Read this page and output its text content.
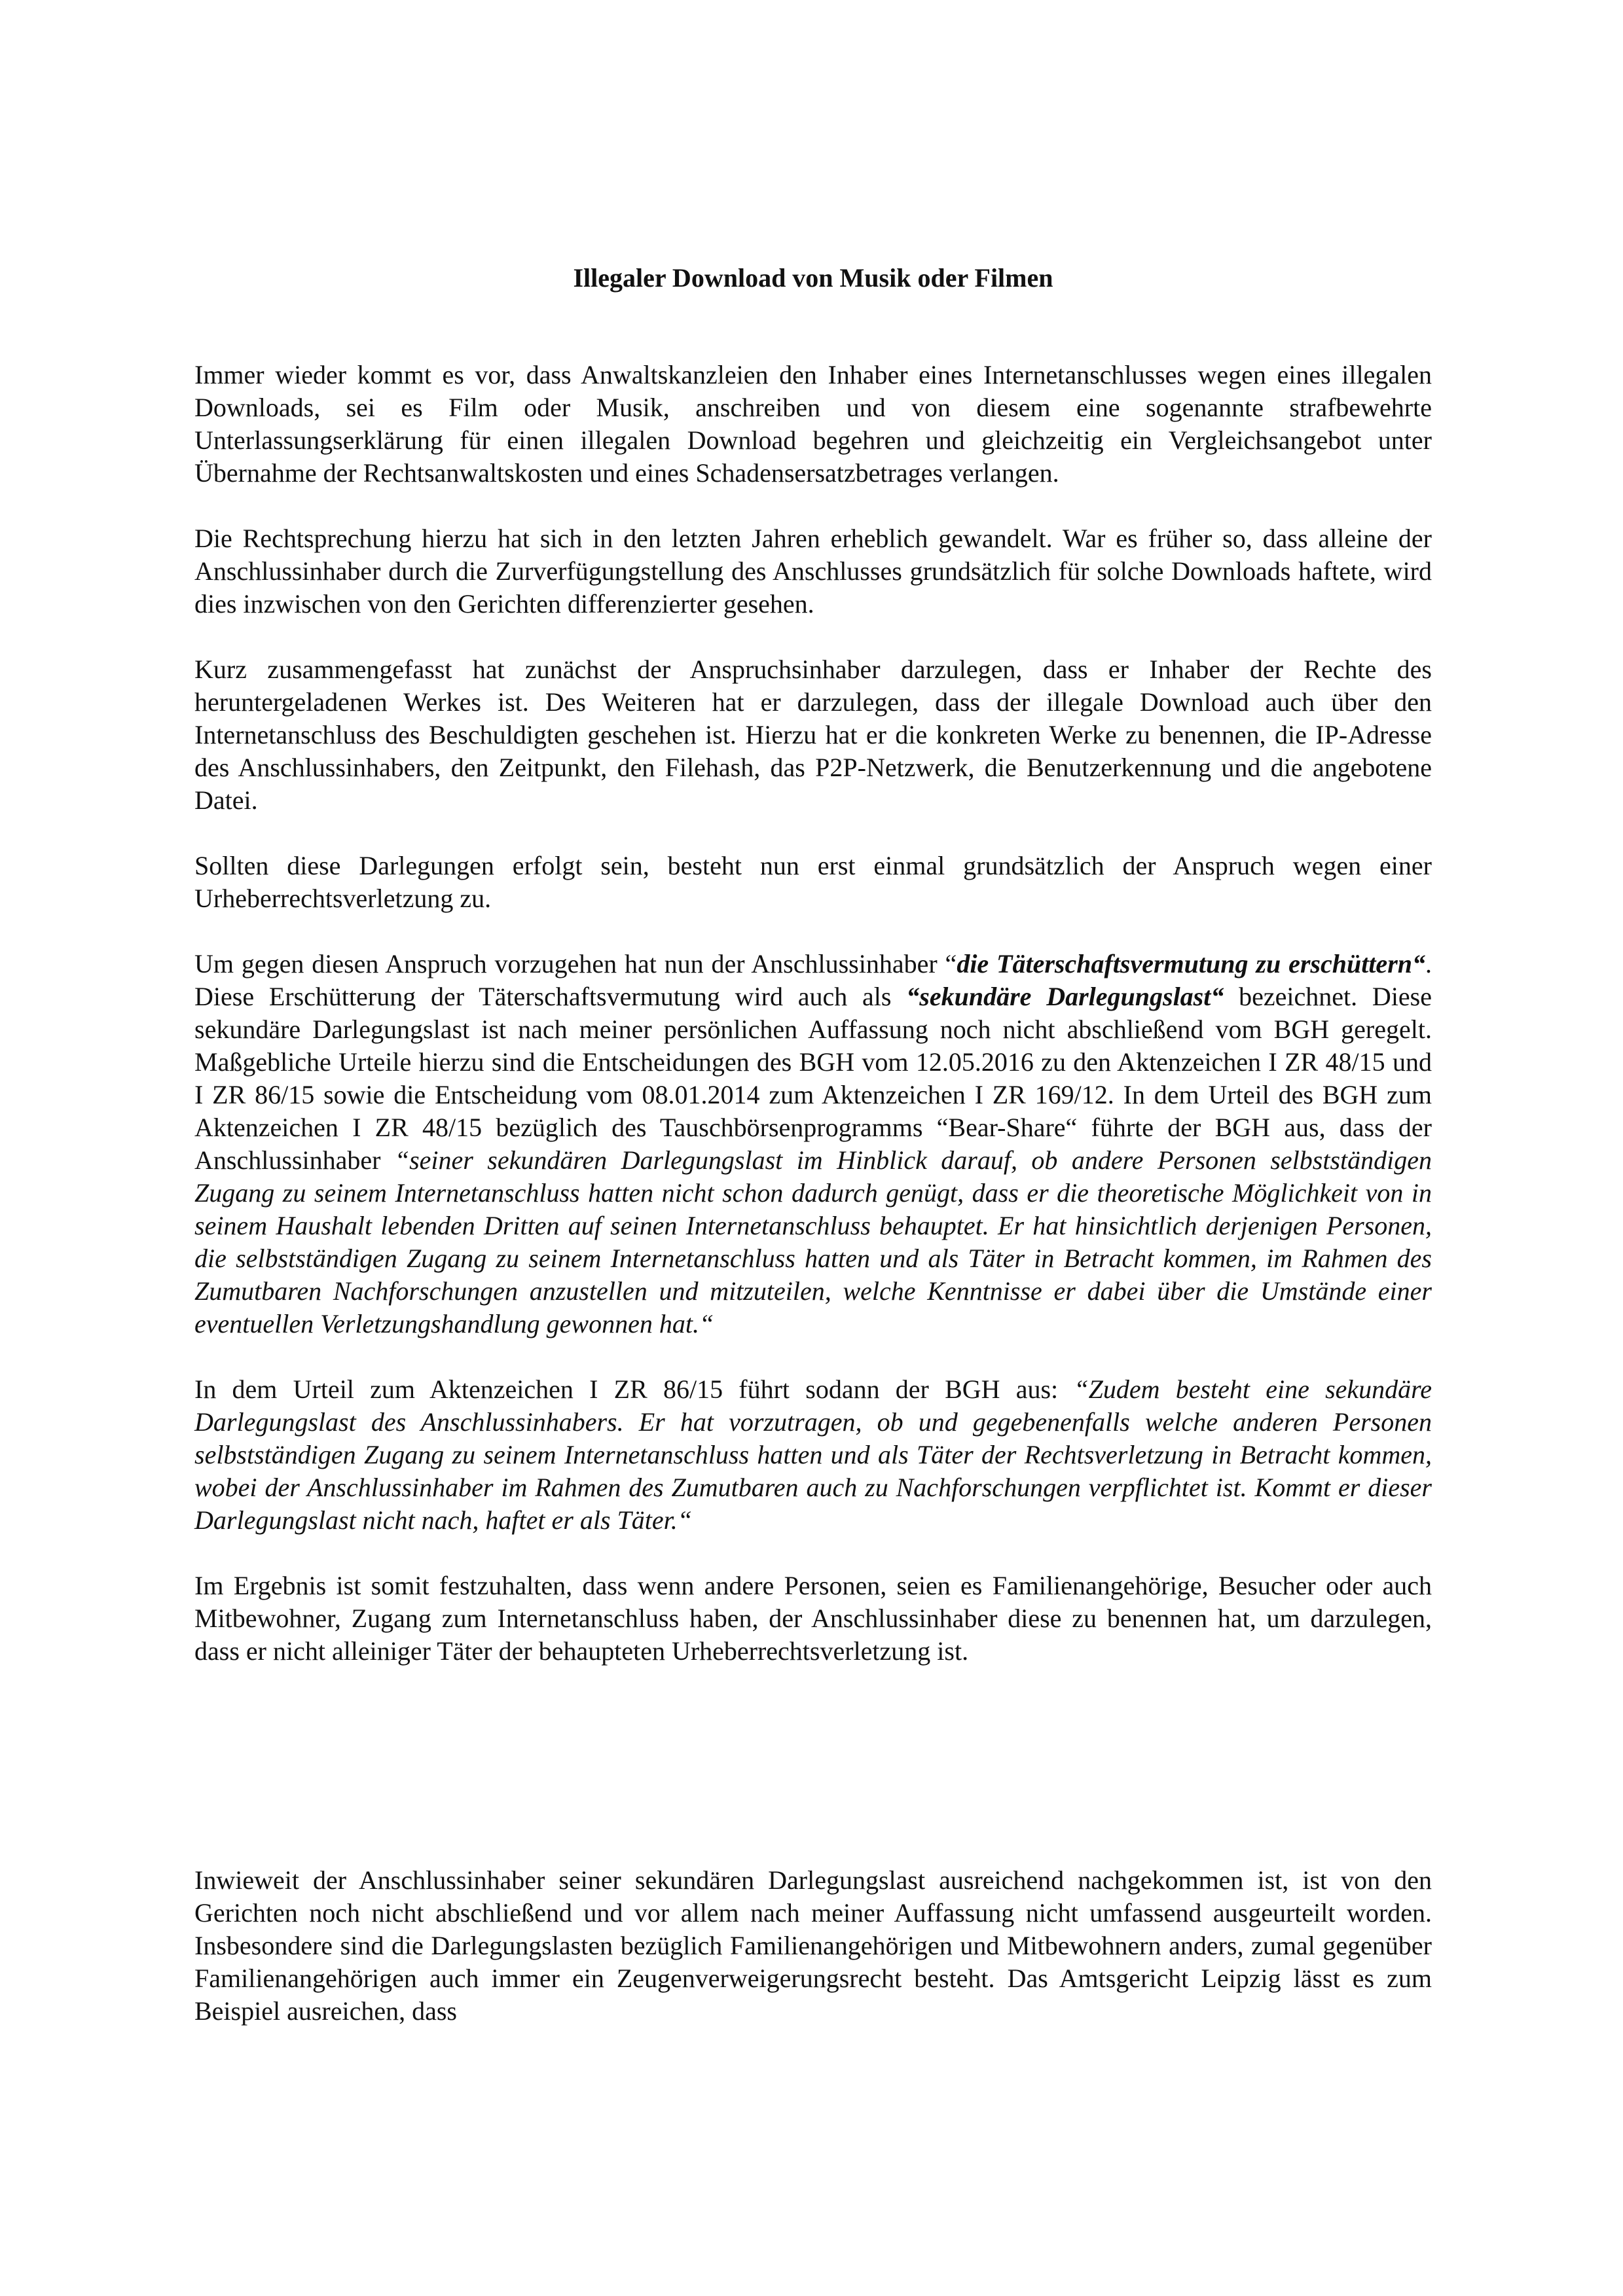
Illegaler Download von Musik oder Filmen

Immer wieder kommt es vor, dass Anwaltskanzleien den Inhaber eines Internetanschlusses wegen eines illegalen Downloads, sei es Film oder Musik, anschreiben und von diesem eine sogenannte strafbewehrte Unterlassungserklärung für einen illegalen Download begehren und gleichzeitig ein Vergleichsangebot unter Übernahme der Rechtsanwaltskosten und eines Schadensersatzbetrages verlangen.

Die Rechtsprechung hierzu hat sich in den letzten Jahren erheblich gewandelt. War es früher so, dass alleine der Anschlussinhaber durch die Zurverfügungstellung des Anschlusses grundsätzlich für solche Downloads haftete, wird dies inzwischen von den Gerichten differenzierter gesehen.

Kurz zusammengefasst hat zunächst der Anspruchsinhaber darzulegen, dass er Inhaber der Rechte des heruntergeladenen Werkes ist. Des Weiteren hat er darzulegen, dass der illegale Download auch über den Internetanschluss des Beschuldigten geschehen ist. Hierzu hat er die konkreten Werke zu benennen, die IP-Adresse des Anschlussinhabers, den Zeitpunkt, den Filehash, das P2P-Netzwerk, die Benutzerkennung und die angebotene Datei.

Sollten diese Darlegungen erfolgt sein, besteht nun erst einmal grundsätzlich der Anspruch wegen einer Urheberrechtsverletzung zu.

Um gegen diesen Anspruch vorzugehen hat nun der Anschlussinhaber “die Täterschaftsvermutung zu erschüttern“. Diese Erschütterung der Täterschaftsvermutung wird auch als “sekundäre Darlegungslast“ bezeichnet. Diese sekundäre Darlegungslast ist nach meiner persönlichen Auffassung noch nicht abschließend vom BGH geregelt. Maßgebliche Urteile hierzu sind die Entscheidungen des BGH vom 12.05.2016 zu den Aktenzeichen I ZR 48/15 und I ZR 86/15 sowie die Entscheidung vom 08.01.2014 zum Aktenzeichen I ZR 169/12. In dem Urteil des BGH zum Aktenzeichen I ZR 48/15 bezüglich des Tauschbörsenprogramms “Bear-Share“ führte der BGH aus, dass der Anschlussinhaber “seiner sekundären Darlegungslast im Hinblick darauf, ob andere Personen selbstständigen Zugang zu seinem Internetanschluss hatten nicht schon dadurch genügt, dass er die theoretische Möglichkeit von in seinem Haushalt lebenden Dritten auf seinen Internetanschluss behauptet. Er hat hinsichtlich derjenigen Personen, die selbstständigen Zugang zu seinem Internetanschluss hatten und als Täter in Betracht kommen, im Rahmen des Zumutbaren Nachforschungen anzustellen und mitzuteilen, welche Kenntnisse er dabei über die Umstände einer eventuellen Verletzungshandlung gewonnen hat.“

In dem Urteil zum Aktenzeichen I ZR 86/15 führt sodann der BGH aus: “Zudem besteht eine sekundäre Darlegungslast des Anschlussinhabers. Er hat vorzutragen, ob und gegebenenfalls welche anderen Personen selbstständigen Zugang zu seinem Internetanschluss hatten und als Täter der Rechtsverletzung in Betracht kommen, wobei der Anschlussinhaber im Rahmen des Zumutbaren auch zu Nachforschungen verpflichtet ist. Kommt er dieser Darlegungslast nicht nach, haftet er als Täter.“

Im Ergebnis ist somit festzuhalten, dass wenn andere Personen, seien es Familienangehörige, Besucher oder auch Mitbewohner, Zugang zum Internetanschluss haben, der Anschlussinhaber diese zu benennen hat, um darzulegen, dass er nicht alleiniger Täter der behaupteten Urheberrechtsverletzung ist.

Inwieweit der Anschlussinhaber seiner sekundären Darlegungslast ausreichend nachgekommen ist, ist von den Gerichten noch nicht abschließend und vor allem nach meiner Auffassung nicht umfassend ausgeurteilt worden. Insbesondere sind die Darlegungslasten bezüglich Familienangehörigen und Mitbewohnern anders, zumal gegenüber Familienangehörigen auch immer ein Zeugenverweigerungsrecht besteht. Das Amtsgericht Leipzig lässt es zum Beispiel ausreichen, dass
